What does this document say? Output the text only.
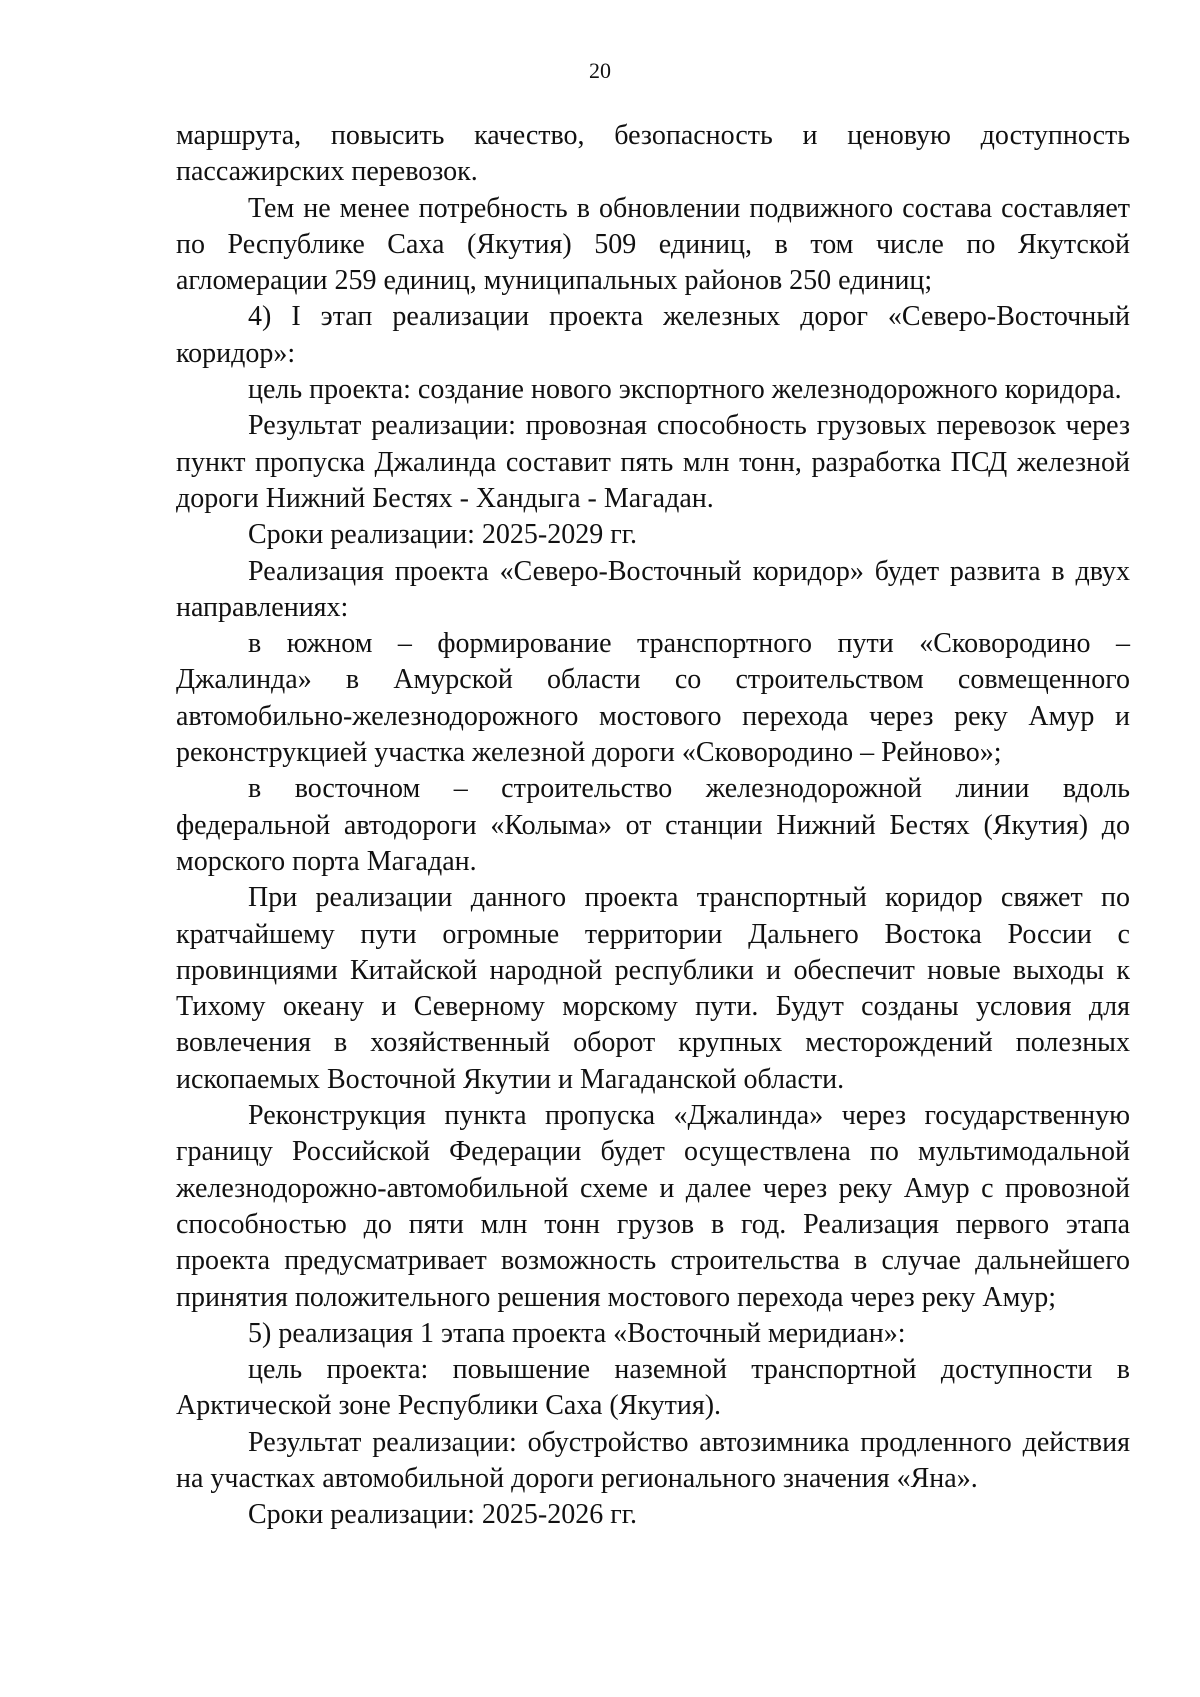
20

маршрута, повысить качество, безопасность и ценовую доступность пассажирских перевозок.

Тем не менее потребность в обновлении подвижного состава составляет по Республике Саха (Якутия) 509 единиц, в том числе по Якутской агломерации 259 единиц, муниципальных районов 250 единиц;

4) I этап реализации проекта железных дорог «Северо-Восточный коридор»:

цель проекта: создание нового экспортного железнодорожного коридора.

Результат реализации: провозная способность грузовых перевозок через пункт пропуска Джалинда составит пять млн тонн, разработка ПСД железной дороги Нижний Бестях - Хандыга - Магадан.

Сроки реализации: 2025-2029 гг.

Реализация проекта «Северо-Восточный коридор» будет развита в двух направлениях:

в южном – формирование транспортного пути «Сковородино – Джалинда» в Амурской области со строительством совмещенного автомобильно-железнодорожного мостового перехода через реку Амур и реконструкцией участка железной дороги «Сковородино – Рейново»;

в восточном – строительство железнодорожной линии вдоль федеральной автодороги «Колыма» от станции Нижний Бестях (Якутия) до морского порта Магадан.

При реализации данного проекта транспортный коридор свяжет по кратчайшему пути огромные территории Дальнего Востока России с провинциями Китайской народной республики и обеспечит новые выходы к Тихому океану и Северному морскому пути. Будут созданы условия для вовлечения в хозяйственный оборот крупных месторождений полезных ископаемых Восточной Якутии и Магаданской области.

Реконструкция пункта пропуска «Джалинда» через государственную границу Российской Федерации будет осуществлена по мультимодальной железнодорожно-автомобильной схеме и далее через реку Амур с провозной способностью до пяти млн тонн грузов в год. Реализация первого этапа проекта предусматривает возможность строительства в случае дальнейшего принятия положительного решения мостового перехода через реку Амур;

5) реализация 1 этапа проекта «Восточный меридиан»:

цель проекта: повышение наземной транспортной доступности в Арктической зоне Республики Саха (Якутия).

Результат реализации: обустройство автозимника продленного действия на участках автомобильной дороги регионального значения «Яна».

Сроки реализации: 2025-2026 гг.
